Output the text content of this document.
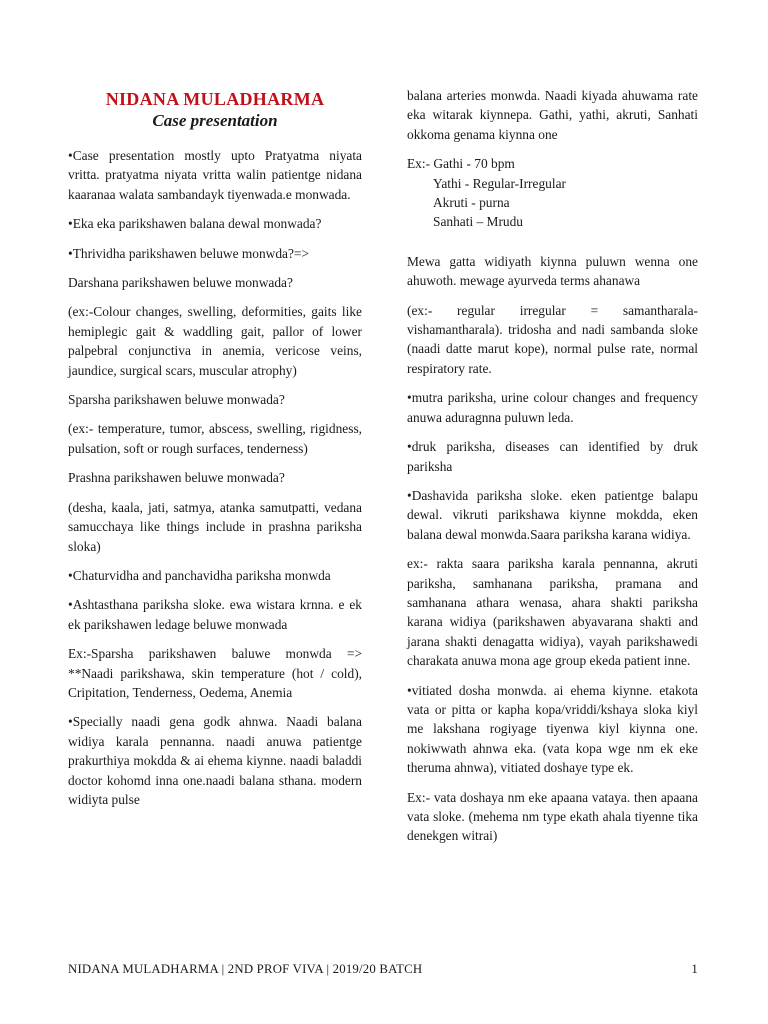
NIDANA MULADHARMA
Case presentation

•Case presentation mostly upto Pratyatma niyata vritta. pratyatma niyata vritta walin patientge nidana kaaranaa walata sambandayk tiyenwada.e monwada.

•Eka eka parikshawen balana dewal monwada?

•Thrividha parikshawen beluwe monwda?=>

Darshana parikshawen beluwe monwada?

(ex:-Colour changes, swelling, deformities, gaits like hemiplegic gait & waddling gait, pallor of lower palpebral conjunctiva in anemia, vericose veins, jaundice, surgical scars, muscular atrophy)

Sparsha parikshawen beluwe monwada?

(ex:- temperature, tumor, abscess, swelling, rigidness, pulsation, soft or rough surfaces, tenderness)

Prashna parikshawen beluwe monwada?

(desha, kaala, jati, satmya, atanka samutpatti, vedana samucchaya like things include in prashna pariksha sloka)

•Chaturvidha and panchavidha pariksha monwda

•Ashtasthana pariksha sloke. ewa wistara krnna. e ek ek parikshawen ledage beluwe monwada

Ex:-Sparsha parikshawen baluwe monwda => **Naadi parikshawa, skin temperature (hot / cold), Cripitation, Tenderness, Oedema, Anemia

•Specially naadi gena godk ahnwa. Naadi balana widiya karala pennanna. naadi anuwa patientge prakurthiya mokdda & ai ehema kiynne. naadi baladdi doctor kohomd inna one.naadi balana sthana. modern widiyta pulse

balana arteries monwda. Naadi kiyada ahuwama rate eka witarak kiynnepa. Gathi, yathi, akruti, Sanhati okkoma genama kiynna one

Ex:- Gathi - 70 bpm
Yathi - Regular-Irregular
Akruti - purna
Sanhati – Mrudu

Mewa gatta widiyath kiynna puluwn wenna one ahuwoth. mewage ayurveda terms ahanawa

(ex:- regular irregular = samantharala-vishamantharala). tridosha and nadi sambanda sloke (naadi datte marut kope), normal pulse rate, normal respiratory rate.

•mutra pariksha, urine colour changes and frequency anuwa aduragnna puluwn leda.

•druk pariksha, diseases can identified by druk pariksha

•Dashavida pariksha sloke. eken patientge balapu dewal. vikruti parikshawa kiynne mokdda, eken balana dewal monwda.Saara pariksha karana widiya.

ex:- rakta saara pariksha karala pennanna, akruti pariksha, samhanana pariksha, pramana and samhanana athara wenasa, ahara shakti pariksha karana widiya (parikshawen abyavarana shakti and jarana shakti denagatta widiya), vayah parikshawedi charakata anuwa mona age group ekeda patient inne.

•vitiated dosha monwda. ai ehema kiynne. etakota vata or pitta or kapha kopa/vriddi/kshaya sloka kiyl me lakshana rogiyage tiyenwa kiyl kiynna one. nokiwwath ahnwa eka. (vata kopa wge nm ek eke theruma ahnwa), vitiated doshaye type ek.

Ex:- vata doshaya nm eke apaana vataya. then apaana vata sloke. (mehema nm type ekath ahala tiyenne tika denekgen witrai)

NIDANA MULADHARMA | 2ND PROF VIVA | 2019/20 BATCH	1
